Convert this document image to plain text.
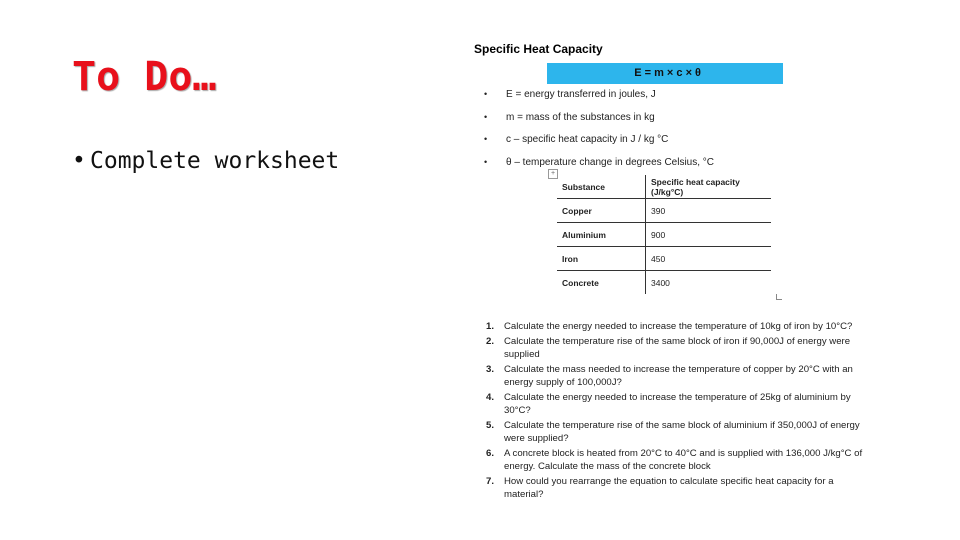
To Do…
• Complete worksheet
Specific Heat Capacity
E = m × c × θ
• E = energy transferred in joules, J
• m = mass of the substances in kg
• c – specific heat capacity in J / kg °C
• θ – temperature change in degrees Celsius, °C
+
Substance	Specific heat capacity (J/kg°C)
Copper	390
Aluminium	900
Iron	450
Concrete	3400
1. Calculate the energy needed to increase the temperature of 10kg of iron by 10°C?
2. Calculate the temperature rise of the same block of iron if 90,000J of energy were supplied
3. Calculate the mass needed to increase the temperature of copper by 20°C with an energy supply of 100,000J?
4. Calculate the energy needed to increase the temperature of 25kg of aluminium by 30°C?
5. Calculate the temperature rise of the same block of aluminium if 350,000J of energy were supplied?
6. A concrete block is heated from 20°C to 40°C and is supplied with 136,000 J/kg°C of energy. Calculate the mass of the concrete block
7. How could you rearrange the equation to calculate specific heat capacity for a material?
